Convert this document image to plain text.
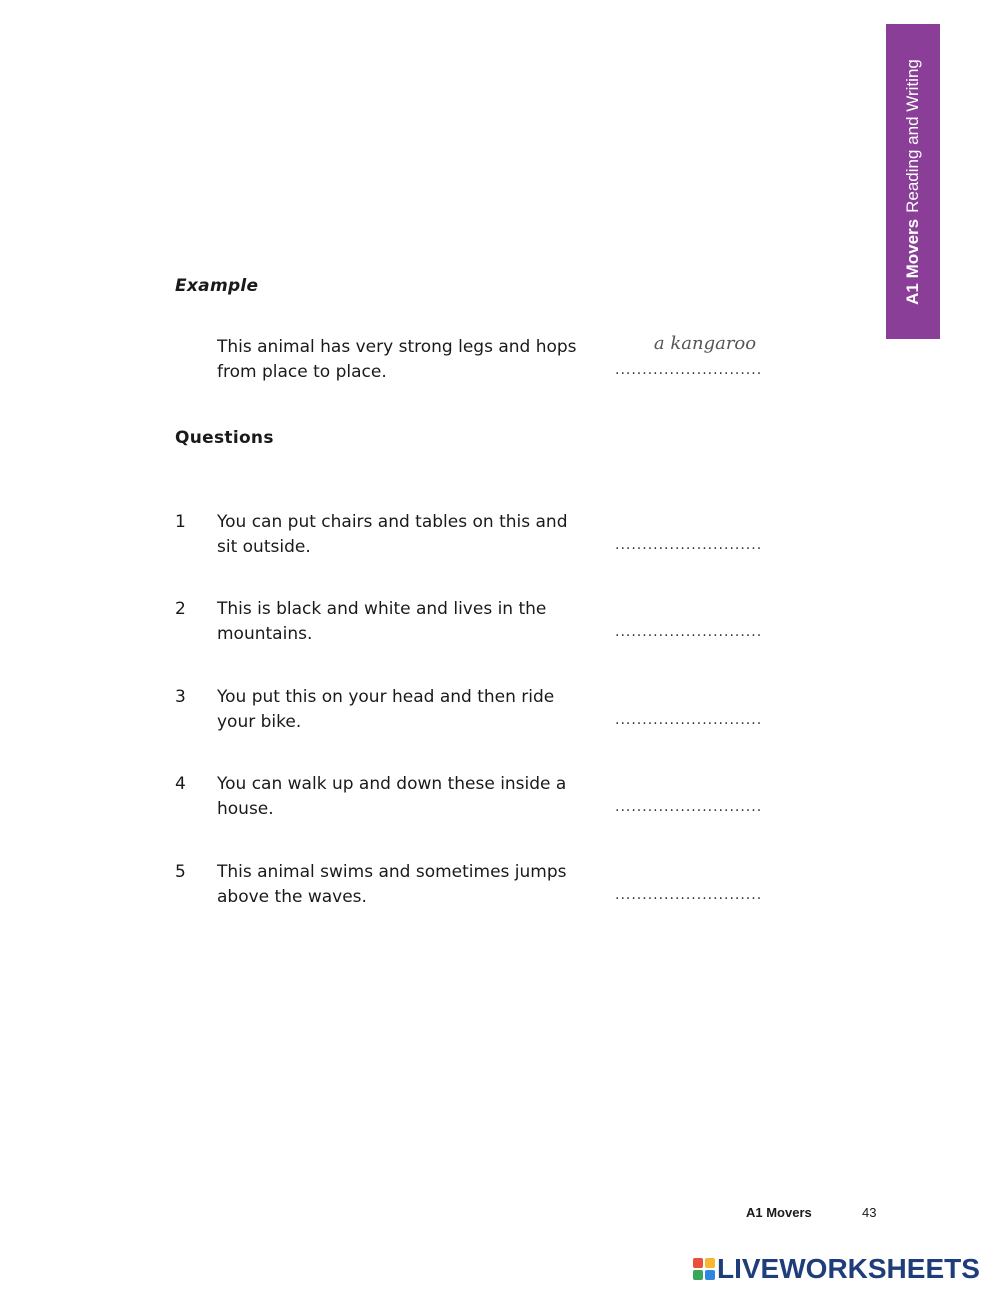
A1 MoversReading and Writing
Example
This animal has very strong legs and hops from place to place.
a kangaroo
...........................
Questions
1	You can put chairs and tables on this and sit outside.	...........................
2	This is black and white and lives in the mountains.	...........................
3	You put this on your head and then ride your bike.	...........................
4	You can walk up and down these inside a house.	...........................
5	This animal swims and sometimes jumps above the waves.	...........................
A1 Movers	43
LIVEWORKSHEETS
